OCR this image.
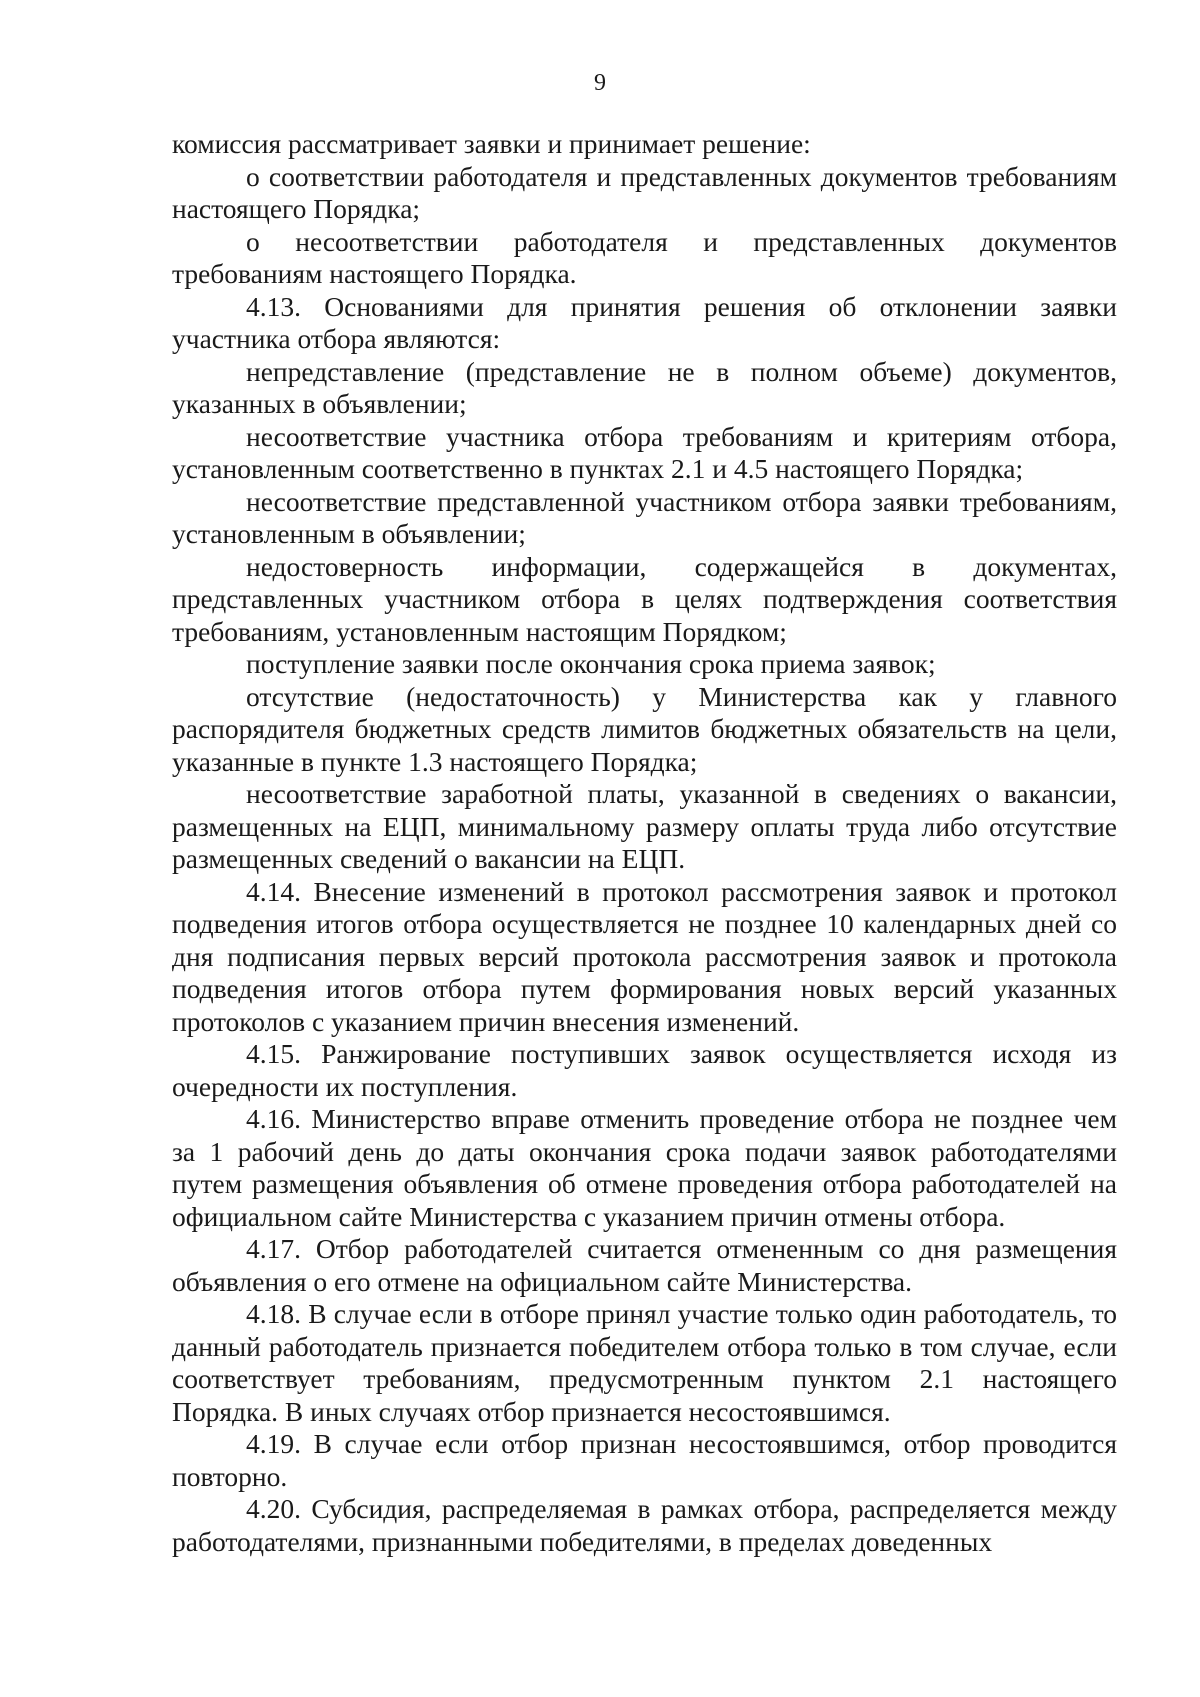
9

комиссия рассматривает заявки и принимает решение:

о соответствии работодателя и представленных документов требованиям настоящего Порядка;

о несоответствии работодателя и представленных документов требованиям настоящего Порядка.

4.13. Основаниями для принятия решения об отклонении заявки участника отбора являются:

непредставление (представление не в полном объеме) документов, указанных в объявлении;

несоответствие участника отбора требованиям и критериям отбора, установленным соответственно в пунктах 2.1 и 4.5 настоящего Порядка;

несоответствие представленной участником отбора заявки требованиям, установленным в объявлении;

недостоверность информации, содержащейся в документах, представленных участником отбора в целях подтверждения соответствия требованиям, установленным настоящим Порядком;

поступление заявки после окончания срока приема заявок;

отсутствие (недостаточность) у Министерства как у главного распорядителя бюджетных средств лимитов бюджетных обязательств на цели, указанные в пункте 1.3 настоящего Порядка;

несоответствие заработной платы, указанной в сведениях о вакансии, размещенных на ЕЦП, минимальному размеру оплаты труда либо отсутствие размещенных сведений о вакансии на ЕЦП.

4.14. Внесение изменений в протокол рассмотрения заявок и протокол подведения итогов отбора осуществляется не позднее 10 календарных дней со дня подписания первых версий протокола рассмотрения заявок и протокола подведения итогов отбора путем формирования новых версий указанных протоколов с указанием причин внесения изменений.

4.15. Ранжирование поступивших заявок осуществляется исходя из очередности их поступления.

4.16. Министерство вправе отменить проведение отбора не позднее чем за 1 рабочий день до даты окончания срока подачи заявок работодателями путем размещения объявления об отмене проведения отбора работодателей на официальном сайте Министерства с указанием причин отмены отбора.

4.17. Отбор работодателей считается отмененным со дня размещения объявления о его отмене на официальном сайте Министерства.

4.18. В случае если в отборе принял участие только один работодатель, то данный работодатель признается победителем отбора только в том случае, если соответствует требованиям, предусмотренным пунктом 2.1 настоящего Порядка. В иных случаях отбор признается несостоявшимся.

4.19. В случае если отбор признан несостоявшимся, отбор проводится повторно.

4.20. Субсидия, распределяемая в рамках отбора, распределяется между работодателями, признанными победителями, в пределах доведенных
